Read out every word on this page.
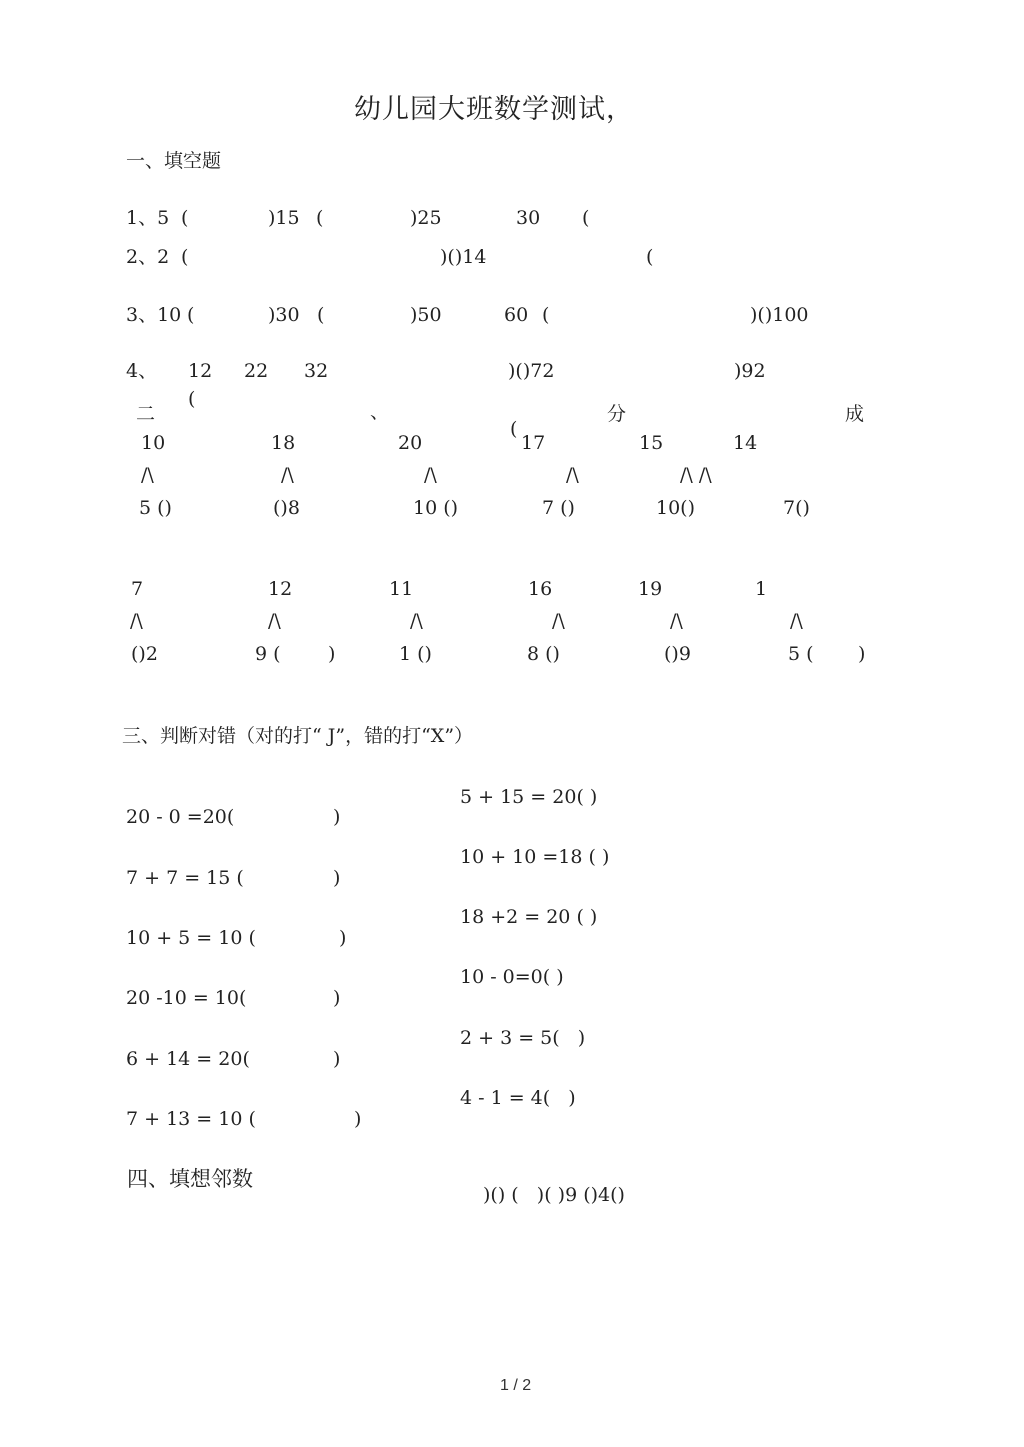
幼儿园大班数学测试，
一、填空题
1、5 (	)15 (	)25	30 (
2、2 (	)()14	(
3、10 (	)30 (	)50	60 (	)()100
4、 12 22 32	)()72	)92
二
(
、
(
分	成
10	18	20	17	15	14
/\	/\	/\	/\	/\ /\
5 ()	()8	10 ()	7 ()	10()	7()
7	12	11	16	19	1
/\	/\	/\	/\	/\	/\
()2	9 ( )	1 ()	8 ()	()9	5 ( )
三、判断对错（对的打“ J”，错的打“X”）
20 - 0 =20(	)
7 + 7 = 15 (	)
10 + 5 = 10 (	)
20 -10 = 10(	)
6 + 14 = 20(	)
7 + 13 = 10 (	)
5 + 15 = 20( )
10 + 10 =18 ( )
18 +2 = 20 ( )
10 - 0=0( )
2 + 3 = 5(   )
4 - 1 = 4(   )
四、填想邻数
)() (   )( )9 ()4()
1 / 2
